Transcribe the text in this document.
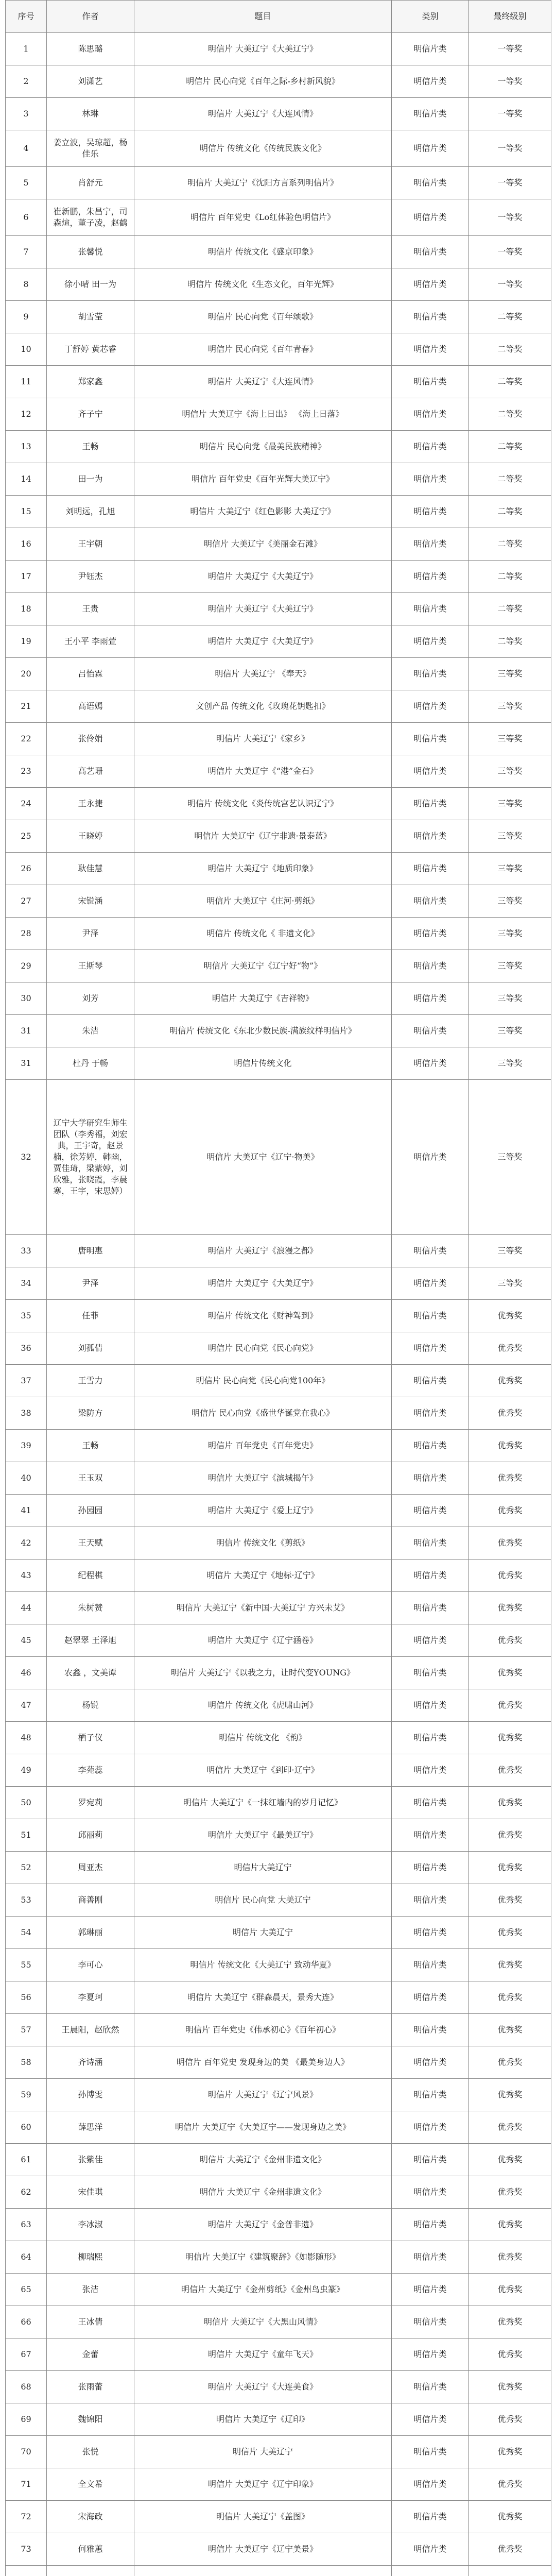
序号	作者	题目	类别	最终级别
1	陈思璐	明信片 大美辽宁《大美辽宁》	明信片类	一等奖
2	刘潇艺	明信片 民心向党《百年之际-乡村新风貌》	明信片类	一等奖
3	林琳	明信片 大美辽宁《大连风情》	明信片类	一等奖
4	姜立波，吴琼超，杨佳乐	明信片 传统文化《传统民族文化》	明信片类	一等奖
5	肖舒元	明信片 大美辽宁《沈阳方言系列明信片》	明信片类	一等奖
6	崔新鹏，朱昌宁，司森煊，董子凌，赵鹤	明信片 百年党史《Lo红体验色明信片》	明信片类	一等奖
7	张馨悦	明信片 传统文化《盛京印象》	明信片类	一等奖
8	徐小晴 田一为	明信片 传统文化《生态文化，百年光辉》	明信片类	一等奖
9	胡雪莹	明信片 民心向党《百年颂歌》	明信片类	二等奖
10	丁舒婷 黄芯睿	明信片 民心向党《百年青春》	明信片类	二等奖
11	郑家鑫	明信片 大美辽宁《大连风情》	明信片类	二等奖
12	齐子宁	明信片 大美辽宁《海上日出》 《海上日落》	明信片类	二等奖
13	王畅	明信片 民心向党《最美民族精神》	明信片类	二等奖
14	田一为	明信片 百年党史《百年光辉大美辽宁》	明信片类	二等奖
15	刘明远，孔旭	明信片 大美辽宁《红色影影 大美辽宁》	明信片类	二等奖
16	王宇朝	明信片 大美辽宁《美丽金石滩》	明信片类	二等奖
17	尹钰杰	明信片 大美辽宁《大美辽宁》	明信片类	二等奖
18	王贵	明信片 大美辽宁《大美辽宁》	明信片类	二等奖
19	王小平 李雨萱	明信片 大美辽宁《大美辽宁》	明信片类	二等奖
20	吕怡霖	明信片 大美辽宁 《奉天》	明信片类	三等奖
21	高语嫣	文创产品 传统文化《玫瑰花钥匙扣》	明信片类	三等奖
22	张伶娟	明信片 大美辽宁《家乡》	明信片类	三等奖
23	高艺珊	明信片 大美辽宁《“港”金石》	明信片类	三等奖
24	王永捷	明信片 传统文化《炎传统宫艺认识辽宁》	明信片类	三等奖
25	王晓婷	明信片 大美辽宁《辽宁非遗·景泰蓝》	明信片类	三等奖
26	耿佳慧	明信片 大美辽宁《地质印象》	明信片类	三等奖
27	宋锐涵	明信片 大美辽宁《庄河·剪纸》	明信片类	三等奖
28	尹泽	明信片 传统文化《 非遗文化》	明信片类	三等奖
29	王斯琴	明信片 大美辽宁《辽宁好“物”》	明信片类	三等奖
30	刘芳	明信片 大美辽宁《吉祥物》	明信片类	三等奖
31	朱洁	明信片 传统文化《东北少数民族-满族纹样明信片》	明信片类	三等奖
31	杜丹 于畅	明信片传统文化	明信片类	三等奖
32	辽宁大学研究生师生团队（李秀福，刘宏典，王宇奇，赵景楠，徐芳婷，韩幽，贾佳琦，梁紫婷，刘欣雅，张晓霞，李晨寒，王宇，宋思婷）	明信片 大美辽宁《辽宁·物美》	明信片类	三等奖
33	唐明惠	明信片 大美辽宁《浪漫之都》	明信片类	三等奖
34	尹泽	明信片 大美辽宁《大美辽宁》	明信片类	三等奖
35	任菲	明信片 传统文化《财神驾到》	明信片类	优秀奖
36	刘孤倩	明信片 民心向党《民心向党》	明信片类	优秀奖
37	王雪力	明信片 民心向党《民心向党100年》	明信片类	优秀奖
38	梁防方	明信片 民心向党《盛世华诞党在我心》	明信片类	优秀奖
39	王畅	明信片 百年党史《百年党史》	明信片类	优秀奖
40	王玉双	明信片 大美辽宁《滨城揭午》	明信片类	优秀奖
41	孙园园	明信片 大美辽宁《爱上辽宁》	明信片类	优秀奖
42	王天赋	明信片 传统文化《剪纸》	明信片类	优秀奖
43	纪程棋	明信片 大美辽宁《地标·辽宁》	明信片类	优秀奖
44	朱树赞	明信片 大美辽宁《新中国·大美辽宁 方兴未艾》	明信片类	优秀奖
45	赵翠翠 王泽旭	明信片 大美辽宁《辽宁涵卷》	明信片类	优秀奖
46	农鑫 ，文美谭	明信片 大美辽宁《以我之力，让时代变YOUNG》	明信片类	优秀奖
47	杨锐	明信片 传统文化《虎啸山河》	明信片类	优秀奖
48	栖子仪	明信片 传统文化 《韵》	明信片类	优秀奖
49	李苑蕊	明信片 大美辽宁《到印·辽宁》	明信片类	优秀奖
50	罗宛莉	明信片 大美辽宁《一抹红墙内的岁月记忆》	明信片类	优秀奖
51	邱丽莉	明信片 大美辽宁《最美辽宁》	明信片类	优秀奖
52	周亚杰	明信片大美辽宁	明信片类	优秀奖
53	商善刚	明信片 民心向党 大美辽宁	明信片类	优秀奖
54	郭琳丽	明信片 大美辽宁	明信片类	优秀奖
55	李可心	明信片 传统文化《大美辽宁 致动华夏》	明信片类	优秀奖
56	李夏珂	明信片 大美辽宁《群森晨天，景秀大连》	明信片类	优秀奖
57	王晨阳，赵欣然	明信片 百年党史《伟承初心》《百年初心》	明信片类	优秀奖
58	齐诗涵	明信片 百年党史 发现身边的美 《最美身边人》	明信片类	优秀奖
59	孙博雯	明信片 大美辽宁《辽宁风景》	明信片类	优秀奖
60	薛思洋	明信片 大美辽宁《大美辽宁——发现身边之美》	明信片类	优秀奖
61	张紫佳	明信片 大美辽宁《金州非遗文化》	明信片类	优秀奖
62	宋佳琪	明信片 大美辽宁《金州非遗文化》	明信片类	优秀奖
63	李冰淑	明信片 大美辽宁《金普非遗》	明信片类	优秀奖
64	柳瑞熙	明信片 大美辽宁《建筑聚辞》《如影随形》	明信片类	优秀奖
65	张洁	明信片 大美辽宁《金州剪纸》《金州鸟虫篆》	明信片类	优秀奖
66	王冰倩	明信片 大美辽宁《大黑山风情》	明信片类	优秀奖
67	金蕾	明信片 大美辽宁《童年飞天》	明信片类	优秀奖
68	张雨蕾	明信片 大美辽宁《大连美食》	明信片类	优秀奖
69	魏锦阳	明信片 大美辽宁《辽印》	明信片类	优秀奖
70	张悦	明信片 大美辽宁	明信片类	优秀奖
71	全文希	明信片 大美辽宁《辽宁印象》	明信片类	优秀奖
72	宋海政	明信片 大美辽宁《盖图》	明信片类	优秀奖
73	何雅蕙	明信片 大美辽宁《辽宁美景》	明信片类	优秀奖
